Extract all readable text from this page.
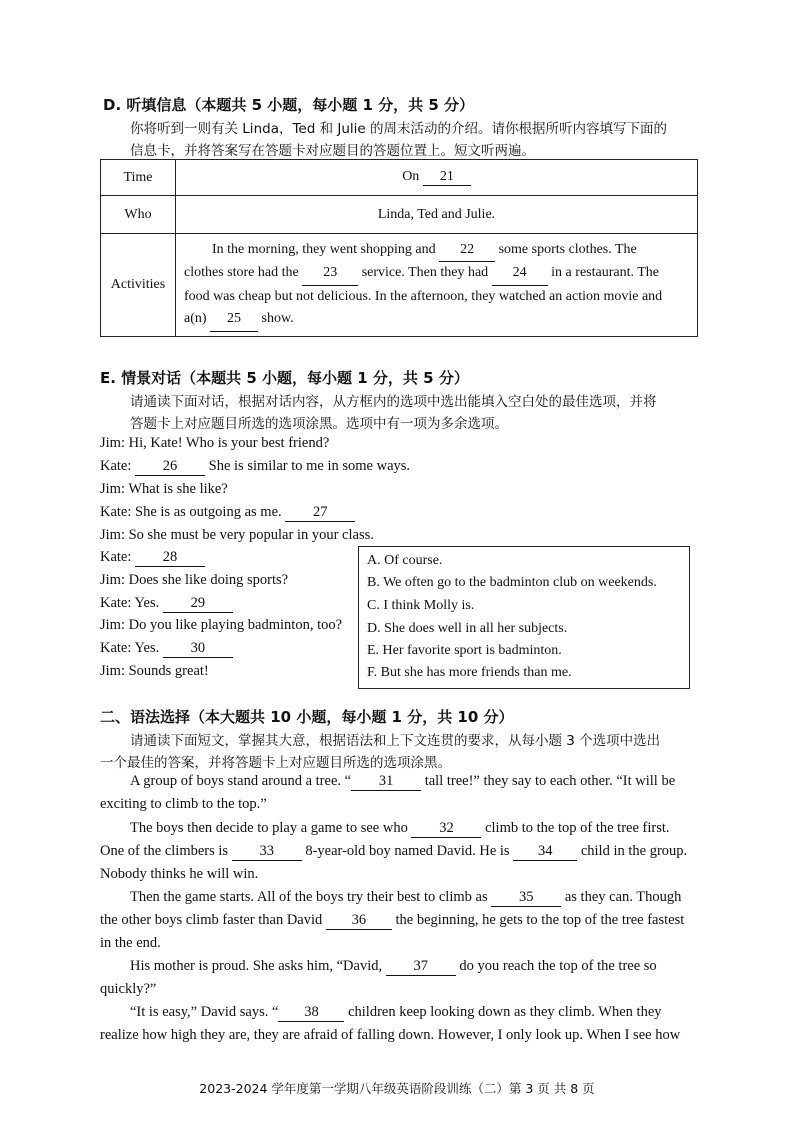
D. 听填信息（本题共 5 小题，每小题 1 分，共 5 分）
你将听到一则有关 Linda，Ted 和 Julie 的周末活动的介绍。请你根据所听内容填写下面的
信息卡，并将答案写在答题卡对应题目的答题位置上。短文听两遍。
Time	On 21
Who	Linda, Ted and Julie.
Activities	In the morning, they went shopping and 22 some sports clothes. The
clothes store had the 23 service. Then they had 24 in a restaurant. The
food was cheap but not delicious. In the afternoon, they watched an action movie and
a(n) 25 show.
E. 情景对话（本题共 5 小题，每小题 1 分，共 5 分）
请通读下面对话，根据对话内容，从方框内的选项中选出能填入空白处的最佳选项，并将
答题卡上对应题目所选的选项涂黑。选项中有一项为多余选项。
Jim: Hi, Kate! Who is your best friend?
Kate: 26 She is similar to me in some ways.
Jim: What is she like?
Kate: She is as outgoing as me. 27
Jim: So she must be very popular in your class.
Kate: 28
Jim: Does she like doing sports?
Kate: Yes. 29
Jim: Do you like playing badminton, too?
Kate: Yes. 30
Jim: Sounds great!
A. Of course.
B. We often go to the badminton club on weekends.
C. I think Molly is.
D. She does well in all her subjects.
E. Her favorite sport is badminton.
F. But she has more friends than me.
二、语法选择（本大题共 10 小题，每小题 1 分，共 10 分）
请通读下面短文，掌握其大意，根据语法和上下文连贯的要求，从每小题 3 个选项中选出
一个最佳的答案，并将答题卡上对应题目所选的选项涂黑。
A group of boys stand around a tree. “ 31 tall tree!” they say to each other. “It will be
exciting to climb to the top.”
The boys then decide to play a game to see who 32 climb to the top of the tree first.
One of the climbers is 33 8-year-old boy named David. He is 34 child in the group.
Nobody thinks he will win.
Then the game starts. All of the boys try their best to climb as 35 as they can. Though
the other boys climb faster than David 36 the beginning, he gets to the top of the tree fastest
in the end.
His mother is proud. She asks him, “David, 37 do you reach the top of the tree so
quickly?”
“It is easy,” David says. “ 38 children keep looking down as they climb. When they
realize how high they are, they are afraid of falling down. However, I only look up. When I see how
2023-2024 学年度第一学期八年级英语阶段训练（二）第 3 页 共 8 页
